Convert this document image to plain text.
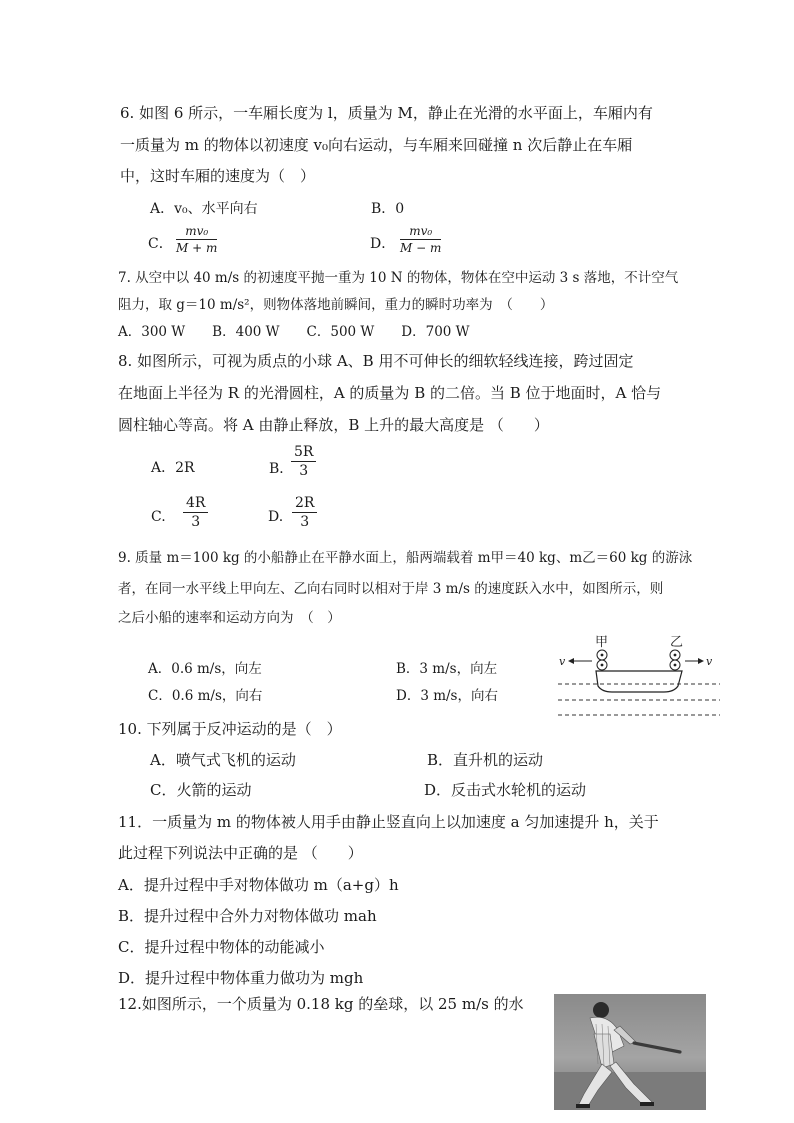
6. 如图 6 所示，一车厢长度为 l，质量为 M，静止在光滑的水平面上，车厢内有
一质量为 m 的物体以初速度 v₀向右运动，与车厢来回碰撞 n 次后静止在车厢
中，这时车厢的速度为（　）
A．v₀、水平向右	B．0
C． $\frac{\text{mv₀}}{M + m}$	D． $\frac{\text{mv₀}}{M - m}$
7. 从空中以 40 m/s 的初速度平抛一重为 10 N 的物体，物体在空中运动 3 s 落地，不计空气
阻力，取 g＝10 m/s²，则物体落地前瞬间，重力的瞬时功率为　（　　）
A．300 W　　B．400 W　　C．500 W　　D．700 W
8. 如图所示，可视为质点的小球 A、B 用不可伸长的细软轻线连接，跨过固定
在地面上半径为 R 的光滑圆柱，A 的质量为 B 的二倍。当 B 位于地面时，A 恰与
圆柱轴心等高。将 A 由静止释放，B 上升的最大高度是 （　　）
A．2R	B．
$\frac{5R}{3}$
C. $\frac{4R}{3}$	D. $\frac{2R}{3}$
9. 质量 m＝100 kg 的小船静止在平静水面上，船两端载着 m甲＝40 kg、m乙＝60 kg 的游泳
者，在同一水平线上甲向左、乙向右同时以相对于岸 3 m/s 的速度跃入水中，如图所示，则
之后小船的速率和运动方向为　（　）
A．0.6 m/s，向左	B．3 m/s，向左
C．0.6 m/s，向右	D．3 m/s，向右
甲	乙
v	v
10. 下列属于反冲运动的是（　）
A．喷气式飞机的运动	B．直升机的运动
C．火箭的运动	D．反击式水轮机的运动
11．一质量为 m 的物体被人用手由静止竖直向上以加速度 a 匀加速提升 h，关于
此过程下列说法中正确的是 （　　）
A．提升过程中手对物体做功 m（a+g）h
B．提升过程中合外力对物体做功 mah
C．提升过程中物体的动能减小
D．提升过程中物体重力做功为 mgh
12.如图所示，一个质量为 0.18 kg 的垒球，以 25 m/s 的水
